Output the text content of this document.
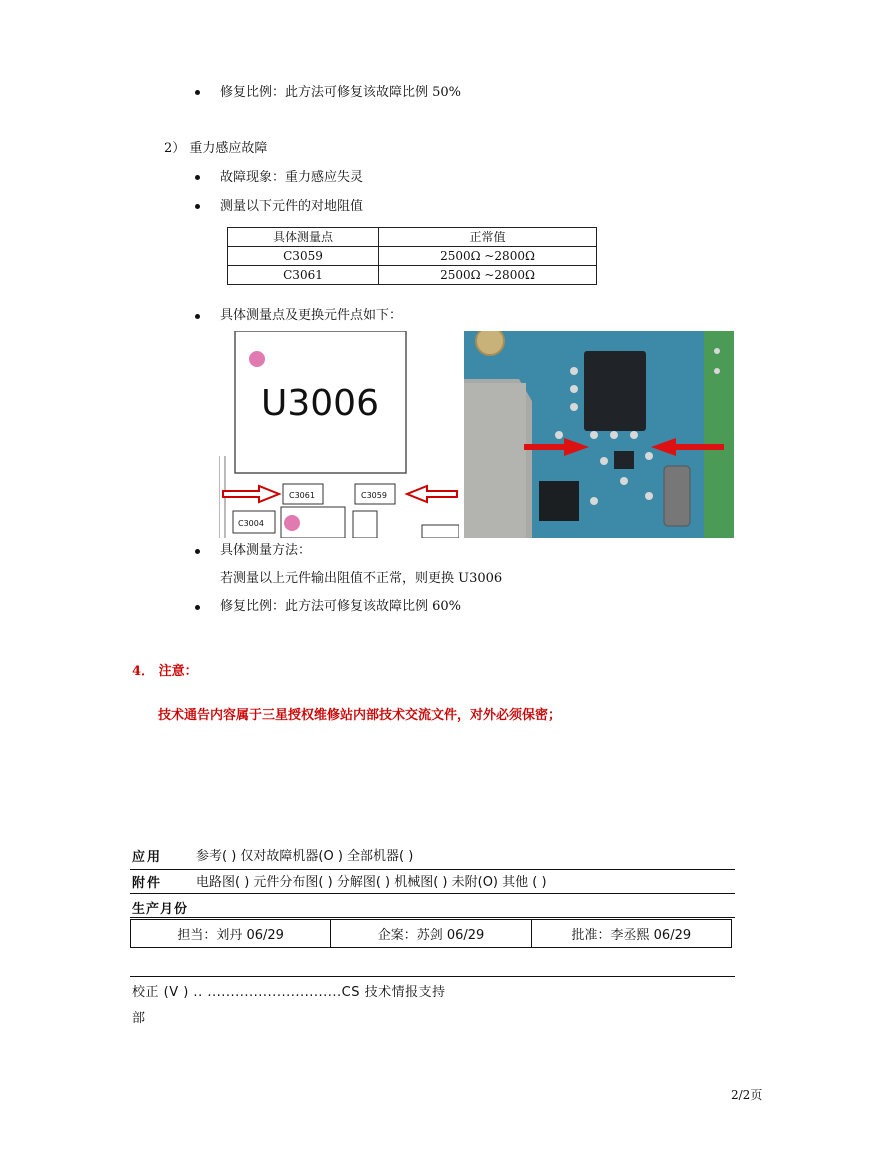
修复比例：此方法可修复该故障比例 50%
2） 重力感应故障
故障现象：重力感应失灵
测量以下元件的对地阻值
具体测量点	正常值
C3059	2500Ω ~2800Ω
C3061	2500Ω ~2800Ω
具体测量点及更换元件点如下：
U3006
C3061	C3059
C3004
具体测量方法：
若测量以上元件输出阻值不正常，则更换 U3006
修复比例：此方法可修复该故障比例 60%
4． 注意：
技术通告内容属于三星授权维修站内部技术交流文件，对外必须保密；
应用	参考( ) 仅对故障机器(O ) 全部机器( )
附件	电路图( ) 元件分布图( ) 分解图( ) 机械图( ) 未附(O) 其他 ( )
生产月份
担当：刘丹 06/29	企案：苏剑 06/29	批准：李丞熙 06/29
校正 (V ) .. .............................CS 技术情报支持
部
2/2页
